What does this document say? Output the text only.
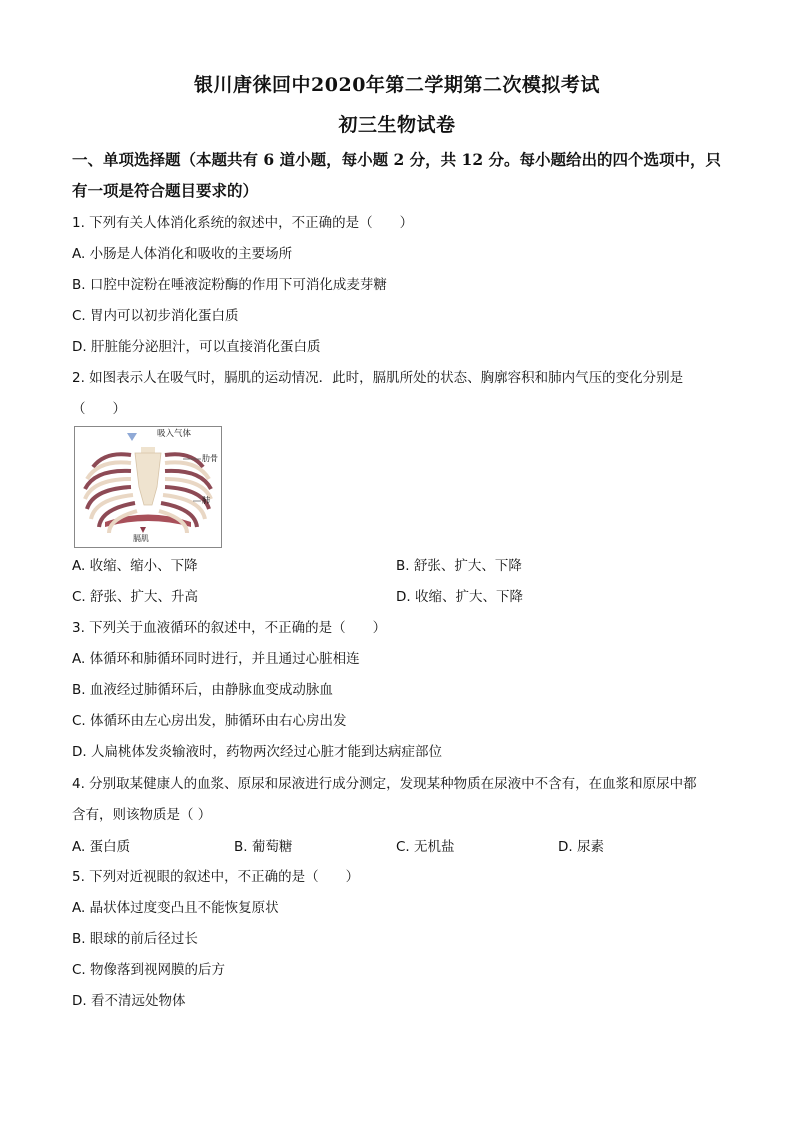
银川唐徕回中2020年第二学期第二次模拟考试
初三生物试卷
一、单项选择题（本题共有 6 道小题，每小题 2 分，共 12 分。每小题给出的四个选项中，只有一项是符合题目要求的）
1. 下列有关人体消化系统的叙述中，不正确的是（　　）
A. 小肠是人体消化和吸收的主要场所
B. 口腔中淀粉在唾液淀粉酶的作用下可消化成麦芽糖
C. 胃内可以初步消化蛋白质
D. 肝脏能分泌胆汁，可以直接消化蛋白质
2. 如图表示人在吸气时，膈肌的运动情况．此时，膈肌所处的状态、胸廓容积和肺内气压的变化分别是
（　　）
吸入气体
肋骨
肺
膈肌
A. 收缩、缩小、下降	B. 舒张、扩大、下降
C. 舒张、扩大、升高	D. 收缩、扩大、下降
3. 下列关于血液循环的叙述中，不正确的是（　　）
A. 体循环和肺循环同时进行，并且通过心脏相连
B. 血液经过肺循环后，由静脉血变成动脉血
C. 体循环由左心房出发，肺循环由右心房出发
D. 人扁桃体发炎输液时，药物两次经过心脏才能到达病症部位
4. 分别取某健康人的血浆、原尿和尿液进行成分测定，发现某种物质在尿液中不含有，在血浆和原尿中都
含有，则该物质是（ ）
A. 蛋白质	B. 葡萄糖	C. 无机盐	D. 尿素
5. 下列对近视眼的叙述中，不正确的是（　　）
A. 晶状体过度变凸且不能恢复原状
B. 眼球的前后径过长
C. 物像落到视网膜的后方
D. 看不清远处物体
